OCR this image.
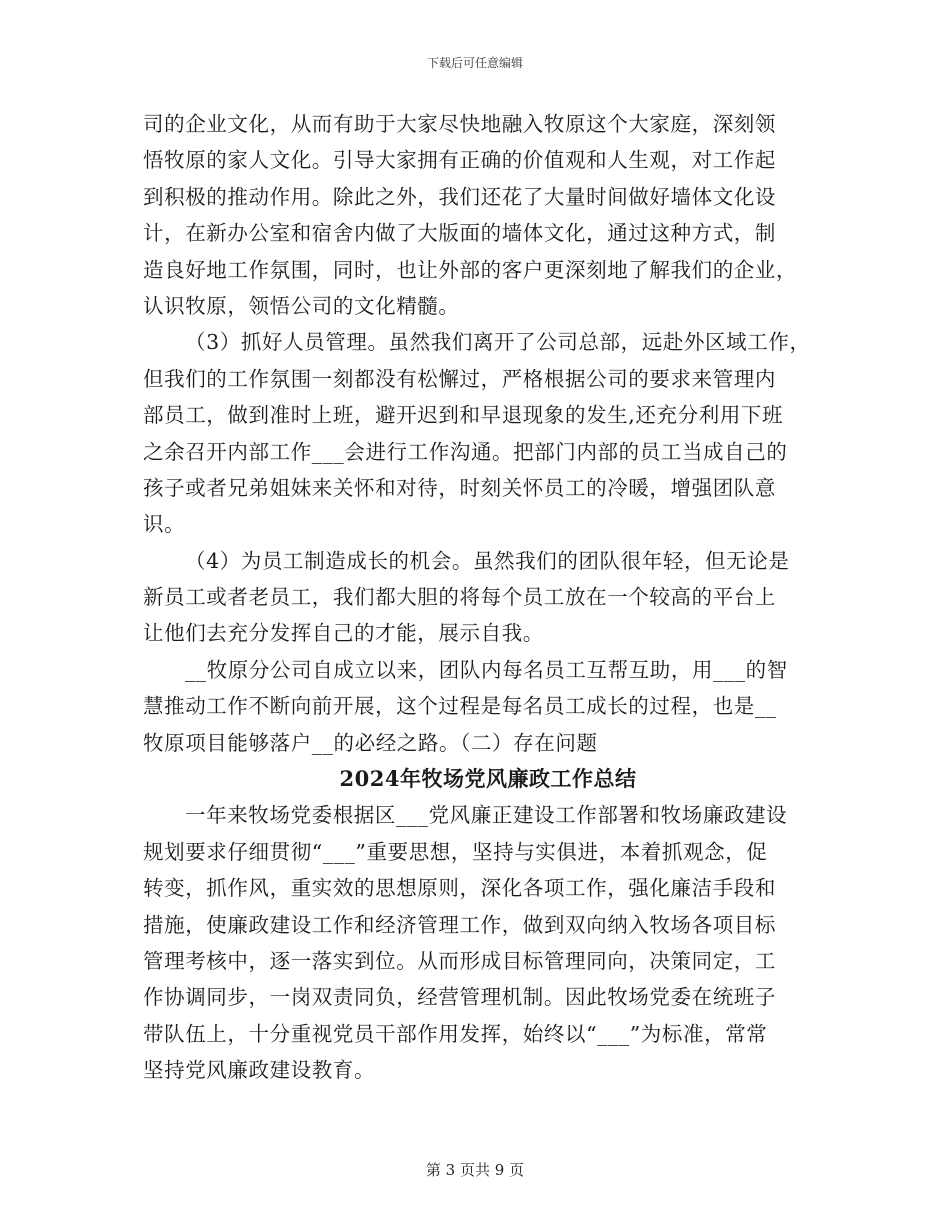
下载后可任意编辑
司的企业文化，从而有助于大家尽快地融入牧原这个大家庭，深刻领
悟牧原的家人文化。引导大家拥有正确的价值观和人生观，对工作起
到积极的推动作用。除此之外，我们还花了大量时间做好墙体文化设
计，在新办公室和宿舍内做了大版面的墙体文化，通过这种方式，制
造良好地工作氛围，同时，也让外部的客户更深刻地了解我们的企业，
认识牧原，领悟公司的文化精髓。
（3）抓好人员管理。虽然我们离开了公司总部，远赴外区域工作，
但我们的工作氛围一刻都没有松懈过，严格根据公司的要求来管理内
部员工，做到准时上班，避开迟到和早退现象的发生,还充分利用下班
之余召开内部工作___会进行工作沟通。把部门内部的员工当成自己的
孩子或者兄弟姐妹来关怀和对待，时刻关怀员工的冷暖，增强团队意
识。
（4）为员工制造成长的机会。虽然我们的团队很年轻，但无论是
新员工或者老员工，我们都大胆的将每个员工放在一个较高的平台上
让他们去充分发挥自己的才能，展示自我。
__牧原分公司自成立以来，团队内每名员工互帮互助，用___的智
慧推动工作不断向前开展，这个过程是每名员工成长的过程，也是__
牧原项目能够落户__的必经之路。（二）存在问题
2024年牧场党风廉政工作总结
一年来牧场党委根据区___党风廉正建设工作部署和牧场廉政建设
规划要求仔细贯彻“___”重要思想，坚持与实俱进，本着抓观念，促
转变，抓作风，重实效的思想原则，深化各项工作，强化廉洁手段和
措施，使廉政建设工作和经济管理工作，做到双向纳入牧场各项目标
管理考核中，逐一落实到位。从而形成目标管理同向，决策同定，工
作协调同步，一岗双责同负，经营管理机制。因此牧场党委在统班子
带队伍上，十分重视党员干部作用发挥，始终以“___”为标准，常常
坚持党风廉政建设教育。
第 3 页共 9 页
